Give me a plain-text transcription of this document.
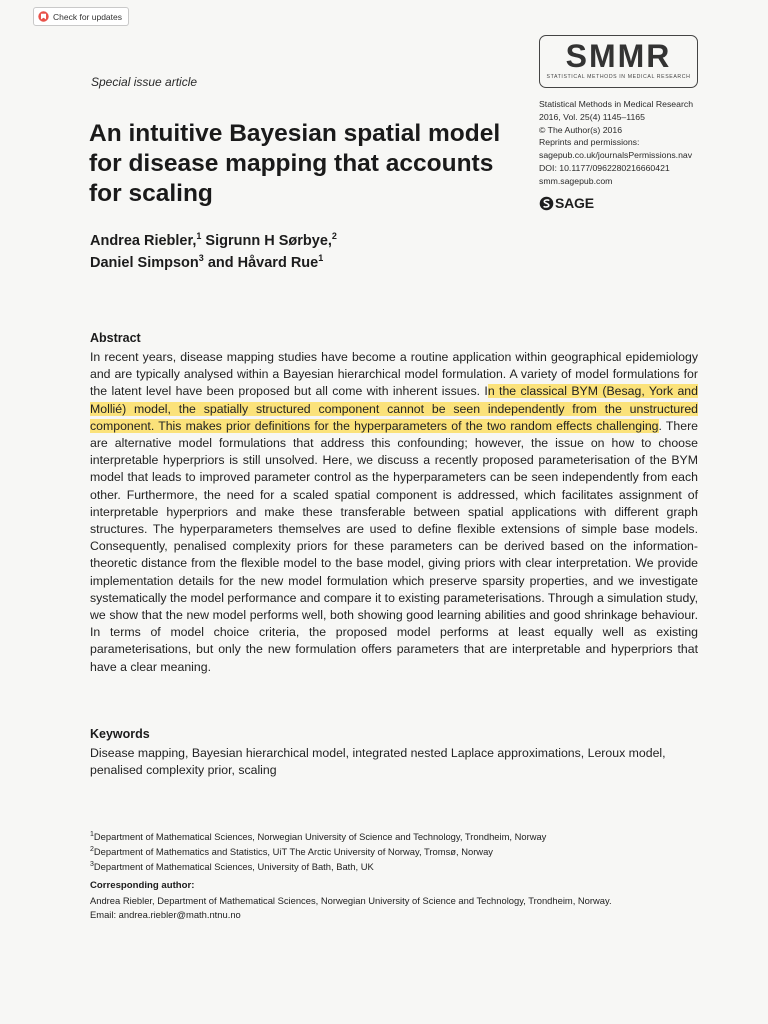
Check for updates
SMMR
STATISTICAL METHODS IN MEDICAL RESEARCH
Statistical Methods in Medical Research
2016, Vol. 25(4) 1145–1165
© The Author(s) 2016
Reprints and permissions:
sagepub.co.uk/journalsPermissions.nav
DOI: 10.1177/0962280216660421
smm.sagepub.com
SAGE
Special issue article
An intuitive Bayesian spatial model for disease mapping that accounts for scaling
Andrea Riebler,$^1$ Sigrunn H Sørbye,$^2$
Daniel Simpson$^3$ and Håvard Rue$^1$
Abstract

In recent years, disease mapping studies have become a routine application within geographical epidemiology and are typically analysed within a Bayesian hierarchical model formulation. A variety of model formulations for the latent level have been proposed but all come with inherent issues. In the classical BYM (Besag, York and Mollié) model, the spatially structured component cannot be seen independently from the unstructured component. This makes prior definitions for the hyperparameters of the two random effects challenging. There are alternative model formulations that address this confounding; however, the issue on how to choose interpretable hyperpriors is still unsolved. Here, we discuss a recently proposed parameterisation of the BYM model that leads to improved parameter control as the hyperparameters can be seen independently from each other. Furthermore, the need for a scaled spatial component is addressed, which facilitates assignment of interpretable hyperpriors and make these transferable between spatial applications with different graph structures. The hyperparameters themselves are used to define flexible extensions of simple base models. Consequently, penalised complexity priors for these parameters can be derived based on the information-theoretic distance from the flexible model to the base model, giving priors with clear interpretation. We provide implementation details for the new model formulation which preserve sparsity properties, and we investigate systematically the model performance and compare it to existing parameterisations. Through a simulation study, we show that the new model performs well, both showing good learning abilities and good shrinkage behaviour. In terms of model choice criteria, the proposed model performs at least equally well as existing parameterisations, but only the new formulation offers parameters that are interpretable and hyperpriors that have a clear meaning.

Keywords

Disease mapping, Bayesian hierarchical model, integrated nested Laplace approximations, Leroux model, penalised complexity prior, scaling

$^1$Department of Mathematical Sciences, Norwegian University of Science and Technology, Trondheim, Norway
$^2$Department of Mathematics and Statistics, UiT The Arctic University of Norway, Tromsø, Norway
$^3$Department of Mathematical Sciences, University of Bath, Bath, UK
Corresponding author:
Andrea Riebler, Department of Mathematical Sciences, Norwegian University of Science and Technology, Trondheim, Norway.
Email: andrea.riebler@math.ntnu.no
